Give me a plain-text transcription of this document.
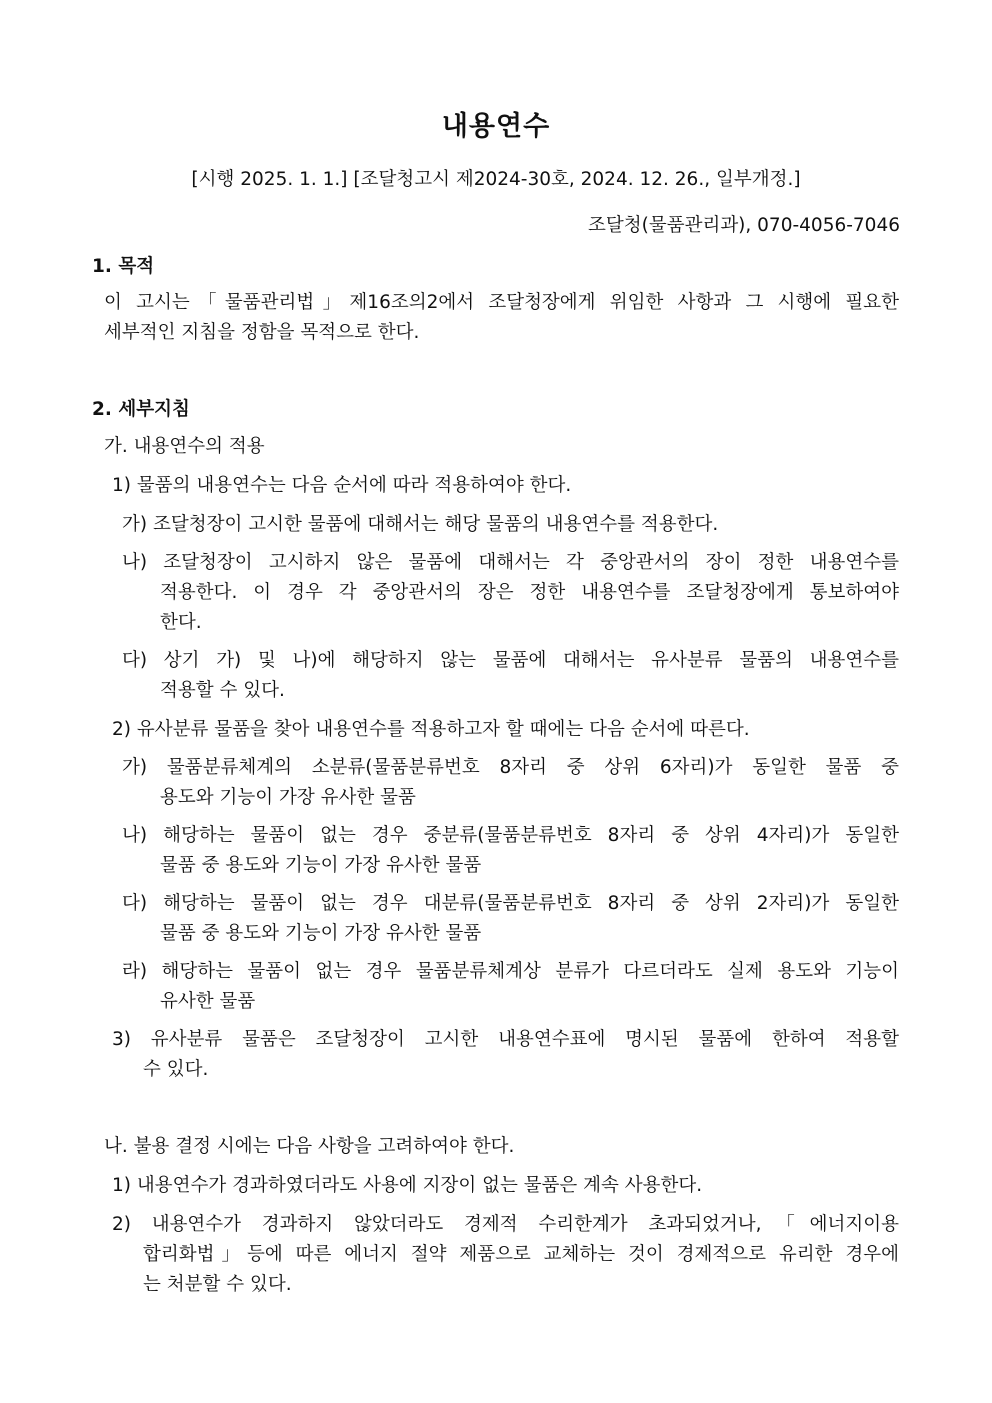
내용연수
[시행 2025. 1. 1.] [조달청고시 제2024-30호, 2024. 12. 26., 일부개정.]
조달청(물품관리과), 070-4056-7046
1. 목적
이 고시는「물품관리법」제16조의2에서 조달청장에게 위임한 사항과 그 시행에 필요한
세부적인 지침을 정함을 목적으로 한다.
2. 세부지침
가. 내용연수의 적용
1) 물품의 내용연수는 다음 순서에 따라 적용하여야 한다.
가) 조달청장이 고시한 물품에 대해서는 해당 물품의 내용연수를 적용한다.
나) 조달청장이 고시하지 않은 물품에 대해서는 각 중앙관서의 장이 정한 내용연수를
적용한다. 이 경우 각 중앙관서의 장은 정한 내용연수를 조달청장에게 통보하여야
한다.
다) 상기 가) 및 나)에 해당하지 않는 물품에 대해서는 유사분류 물품의 내용연수를
적용할 수 있다.
2) 유사분류 물품을 찾아 내용연수를 적용하고자 할 때에는 다음 순서에 따른다.
가) 물품분류체계의 소분류(물품분류번호 8자리 중 상위 6자리)가 동일한 물품 중
용도와 기능이 가장 유사한 물품
나) 해당하는 물품이 없는 경우 중분류(물품분류번호 8자리 중 상위 4자리)가 동일한
물품 중 용도와 기능이 가장 유사한 물품
다) 해당하는 물품이 없는 경우 대분류(물품분류번호 8자리 중 상위 2자리)가 동일한
물품 중 용도와 기능이 가장 유사한 물품
라) 해당하는 물품이 없는 경우 물품분류체계상 분류가 다르더라도 실제 용도와 기능이
유사한 물품
3) 유사분류 물품은 조달청장이 고시한 내용연수표에 명시된 물품에 한하여 적용할
수 있다.
나. 불용 결정 시에는 다음 사항을 고려하여야 한다.
1) 내용연수가 경과하였더라도 사용에 지장이 없는 물품은 계속 사용한다.
2) 내용연수가 경과하지 않았더라도 경제적 수리한계가 초과되었거나,「에너지이용
합리화법」등에 따른 에너지 절약 제품으로 교체하는 것이 경제적으로 유리한 경우에
는 처분할 수 있다.
